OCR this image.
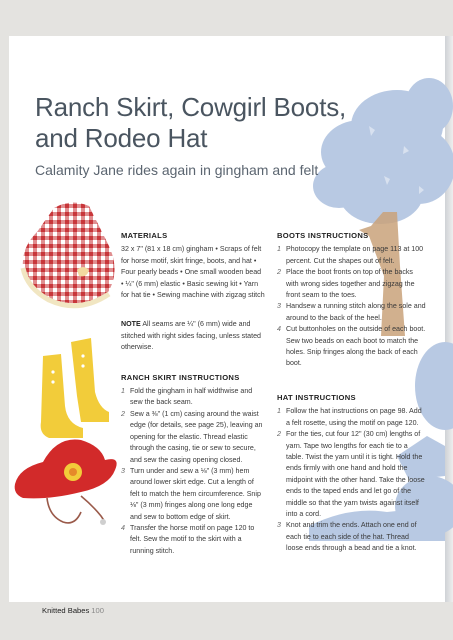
Ranch Skirt, Cowgirl Boots, and Rodeo Hat
Calamity Jane rides again in gingham and felt
MATERIALS
32 x 7" (81 x 18 cm) gingham • Scraps of felt for horse motif, skirt fringe, boots, and hat • Four pearly beads • One small wooden bead • ¼" (6 mm) elastic • Basic sewing kit • Yarn for hat tie • Sewing machine with zigzag stitch
NOTE All seams are ¼" (6 mm) wide and stitched with right sides facing, unless stated otherwise.
RANCH SKIRT INSTRUCTIONS
1 Fold the gingham in half widthwise and sew the back seam.
2 Sew a ⅜" (1 cm) casing around the waist edge (for details, see page 25), leaving an opening for the elastic. Thread elastic through the casing, tie or sew to secure, and sew the casing opening closed.
3 Turn under and sew a ⅛" (3 mm) hem around lower skirt edge. Cut a length of felt to match the hem circumference. Snip ⅛" (3 mm) fringes along one long edge and sew to bottom edge of skirt.
4 Transfer the horse motif on page 120 to felt. Sew the motif to the skirt with a running stitch.
BOOTS INSTRUCTIONS
1 Photocopy the template on page 113 at 100 percent. Cut the shapes out of felt.
2 Place the boot fronts on top of the backs with wrong sides together and zigzag the front seam to the toes.
3 Handsew a running stitch along the sole and around to the back of the heel.
4 Cut buttonholes on the outside of each boot. Sew two beads on each boot to match the holes. Snip fringes along the back of each boot.
HAT INSTRUCTIONS
1 Follow the hat instructions on page 98. Add a felt rosette, using the motif on page 120.
2 For the ties, cut four 12" (30 cm) lengths of yarn. Tape two lengths for each tie to a table. Twist the yarn until it is tight. Hold the ends firmly with one hand and hold the midpoint with the other hand. Take the loose ends to the taped ends and let go of the middle so that the yarn twists against itself into a cord.
3 Knot and trim the ends. Attach one end of each tie to each side of the hat. Thread loose ends through a bead and tie a knot.
Knitted Babes 100
